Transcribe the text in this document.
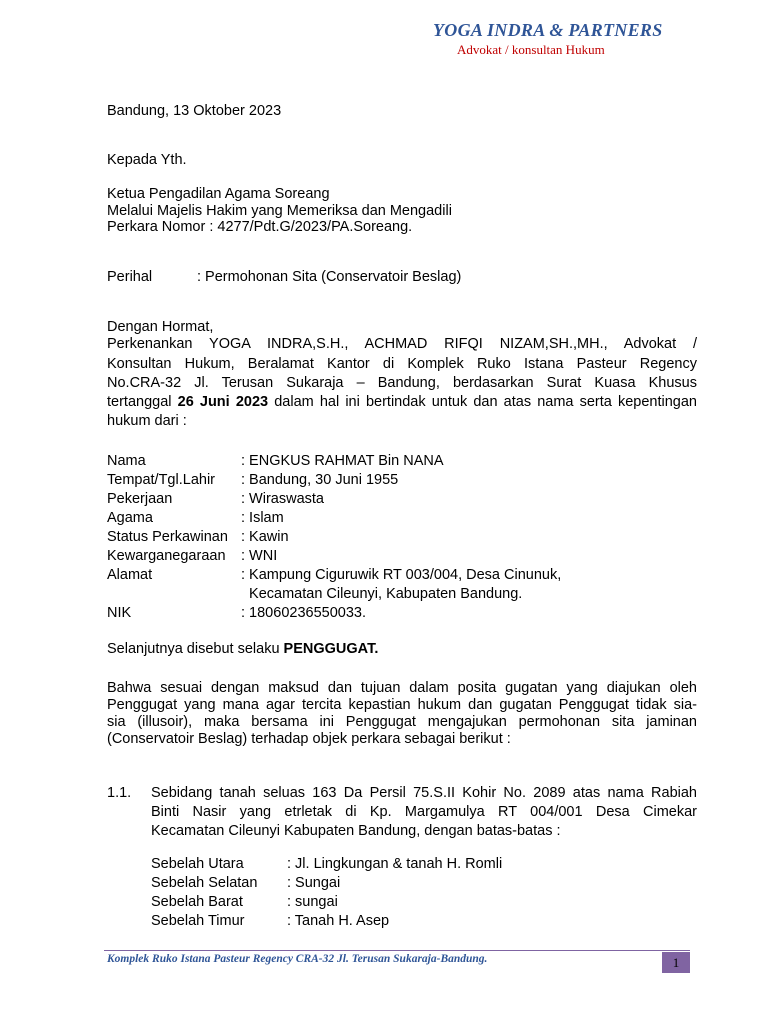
YOGA INDRA & PARTNERS
Advokat / konsultan Hukum
Bandung, 13 Oktober 2023
Kepada Yth.
Ketua Pengadilan Agama Soreang
Melalui Majelis Hakim yang Memeriksa dan Mengadili
Perkara Nomor : 4277/Pdt.G/2023/PA.Soreang.
Perihal	: Permohonan Sita (Conservatoir Beslag)
Dengan Hormat,
Perkenankan YOGA INDRA,S.H., ACHMAD RIFQI NIZAM,SH.,MH., Advokat /
Konsultan Hukum, Beralamat Kantor di Komplek Ruko Istana Pasteur Regency
No.CRA-32 Jl. Terusan Sukaraja – Bandung, berdasarkan Surat Kuasa Khusus
tertanggal 26 Juni 2023 dalam hal ini bertindak untuk dan atas nama serta kepentingan
hukum dari :
Nama	: ENGKUS RAHMAT Bin NANA
Tempat/Tgl.Lahir : Bandung, 30 Juni 1955
Pekerjaan	: Wiraswasta
Agama	: Islam
Status Perkawinan : Kawin
Kewarganegaraan : WNI
Alamat	: Kampung Ciguruwik RT 003/004, Desa Cinunuk,
Kecamatan Cileunyi, Kabupaten Bandung.
NIK	: 18060236550033.
Selanjutnya disebut selaku PENGGUGAT.
Bahwa sesuai dengan maksud dan tujuan dalam posita gugatan yang diajukan oleh
Penggugat yang mana agar tercita kepastian hukum dan gugatan Penggugat tidak sia-
sia (illusoir), maka bersama ini Penggugat mengajukan permohonan sita jaminan
(Conservatoir Beslag) terhadap objek perkara sebagai berikut :
1.1. Sebidang tanah seluas 163 Da Persil 75.S.II Kohir No. 2089 atas nama Rabiah
Binti Nasir yang etrletak di Kp. Margamulya RT 004/001 Desa Cimekar
Kecamatan Cileunyi Kabupaten Bandung, dengan batas-batas :
Sebelah Utara	: Jl. Lingkungan & tanah H. Romli
Sebelah Selatan : Sungai
Sebelah Barat	: sungai
Sebelah Timur	: Tanah H. Asep
Komplek Ruko Istana Pasteur Regency CRA-32 Jl. Terusan Sukaraja-Bandung.	1
